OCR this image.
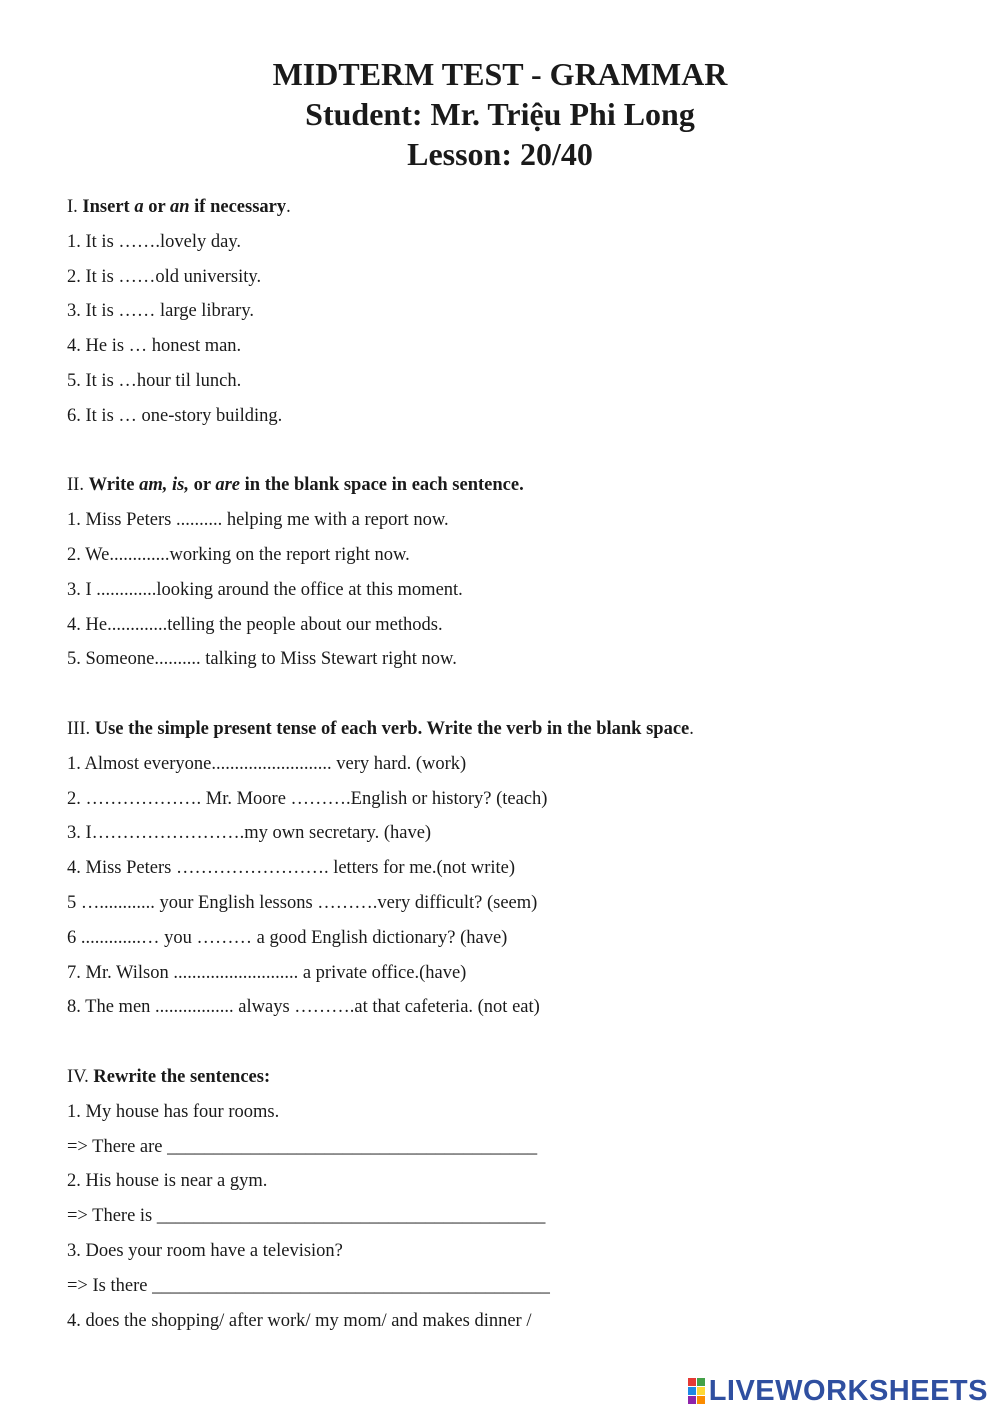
MIDTERM TEST - GRAMMAR

Student: Mr. Triệu Phi Long

Lesson: 20/40

I. Insert a or an if necessary.
1. It is …….lovely day.
2. It is ……old university.
3. It is …… large library.
4. He is … honest man.
5. It is …hour til lunch.
6. It is … one-story building.
II. Write am, is, or are in the blank space in each sentence.
1. Miss Peters .......... helping me with a report now.
2. We.............working on the report right now.
3. I .............looking around the office at this moment.
4. He.............telling the people about our methods.
5. Someone.......... talking to Miss Stewart right now.
III. Use the simple present tense of each verb. Write the verb in the blank space.
1. Almost everyone.......................... very hard. (work)
2. ………………. Mr. Moore ……….English or history? (teach)
3. I…………………….my own secretary. (have)
4. Miss Peters ……………………. letters for me.(not write)
5 …............ your English lessons ……….very difficult? (seem)
6 .............… you ……… a good English dictionary? (have)
7. Mr. Wilson ........................... a private office.(have)
8. The men ................. always ……….at that cafeteria. (not eat)
IV. Rewrite the sentences:
1. My house has four rooms.
=> There are ________________________________________
2. His house is near a gym.
=> There is __________________________________________
3. Does your room have a television?
=> Is there ___________________________________________
4. does the shopping/ after work/ my mom/ and makes dinner /
LIVEWORKSHEETS
